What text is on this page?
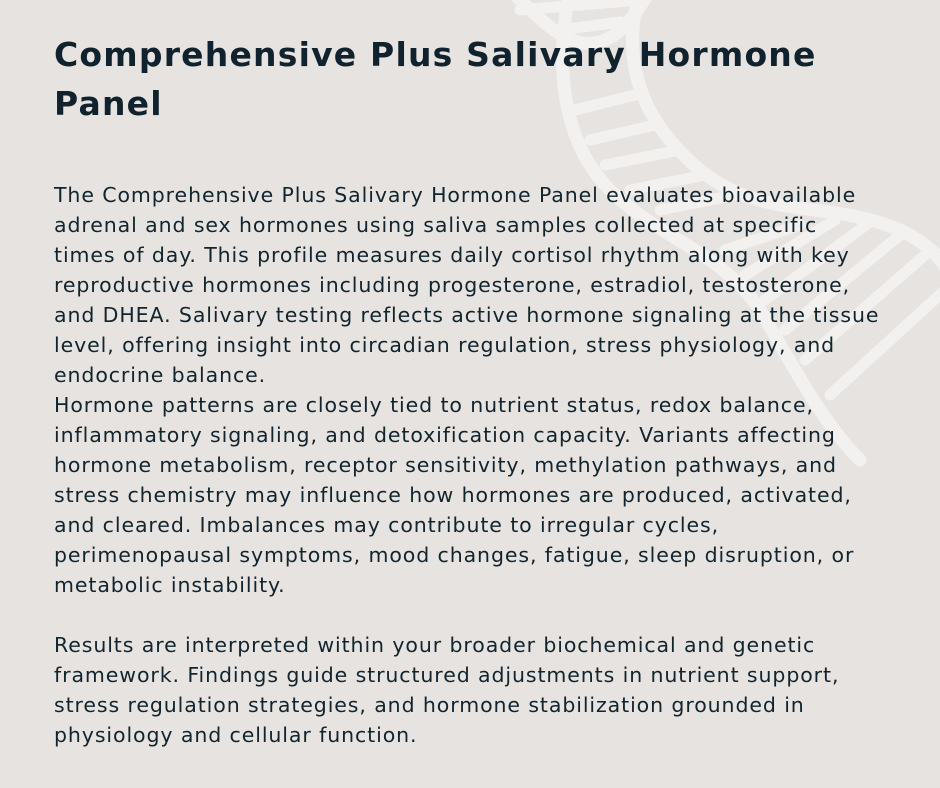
Comprehensive Plus Salivary Hormone Panel

The Comprehensive Plus Salivary Hormone Panel evaluates bioavailable adrenal and sex hormones using saliva samples collected at specific times of day. This profile measures daily cortisol rhythm along with key reproductive hormones including progesterone, estradiol, testosterone, and DHEA. Salivary testing reflects active hormone signaling at the tissue level, offering insight into circadian regulation, stress physiology, and endocrine balance.

Hormone patterns are closely tied to nutrient status, redox balance, inflammatory signaling, and detoxification capacity. Variants affecting hormone metabolism, receptor sensitivity, methylation pathways, and stress chemistry may influence how hormones are produced, activated, and cleared. Imbalances may contribute to irregular cycles, perimenopausal symptoms, mood changes, fatigue, sleep disruption, or metabolic instability.

Results are interpreted within your broader biochemical and genetic framework. Findings guide structured adjustments in nutrient support, stress regulation strategies, and hormone stabilization grounded in physiology and cellular function.
